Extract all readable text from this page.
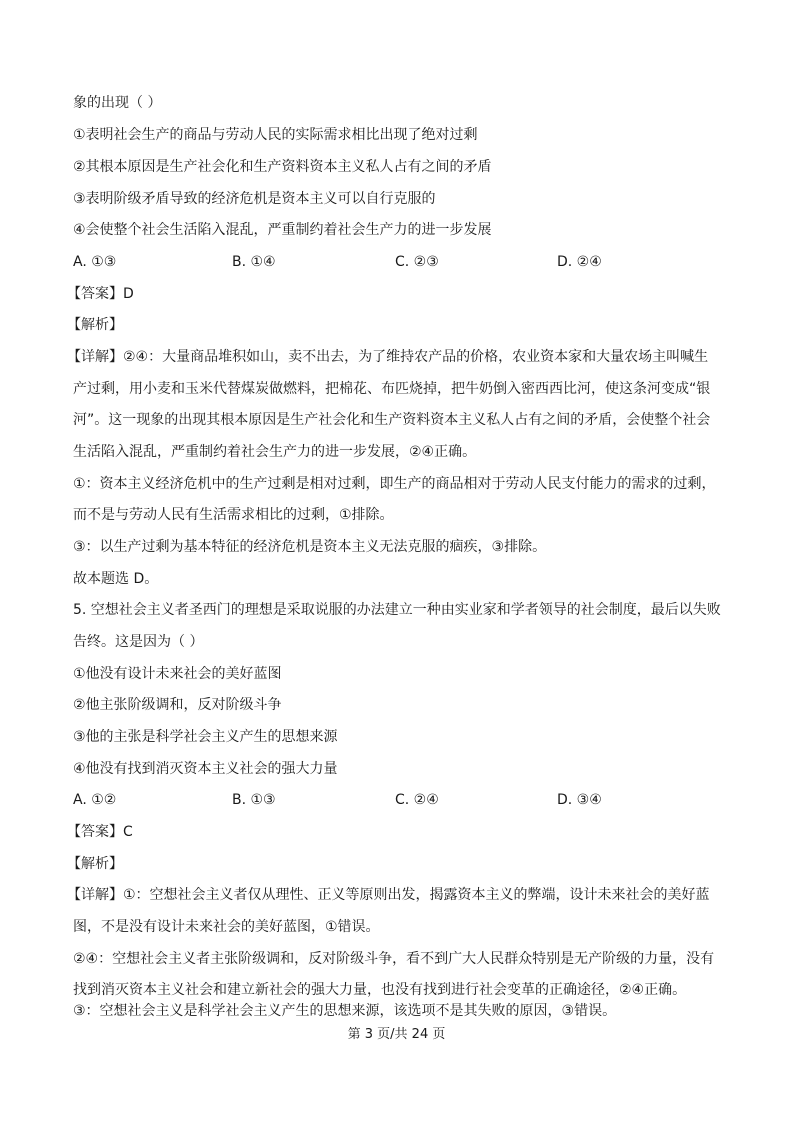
象的出现（ ）
①表明社会生产的商品与劳动人民的实际需求相比出现了绝对过剩
②其根本原因是生产社会化和生产资料资本主义私人占有之间的矛盾
③表明阶级矛盾导致的经济危机是资本主义可以自行克服的
④会使整个社会生活陷入混乱，严重制约着社会生产力的进一步发展
A. ①③	B. ①④	C. ②③	D. ②④
【答案】D
【解析】
【详解】②④：大量商品堆积如山，卖不出去，为了维持农产品的价格，农业资本家和大量农场主叫喊生
产过剩，用小麦和玉米代替煤炭做燃料，把棉花、布匹烧掉，把牛奶倒入密西西比河，使这条河变成“银
河”。这一现象的出现其根本原因是生产社会化和生产资料资本主义私人占有之间的矛盾，会使整个社会
生活陷入混乱，严重制约着社会生产力的进一步发展，②④正确。
①：资本主义经济危机中的生产过剩是相对过剩，即生产的商品相对于劳动人民支付能力的需求的过剩，
而不是与劳动人民有生活需求相比的过剩，①排除。
③：以生产过剩为基本特征的经济危机是资本主义无法克服的痼疾，③排除。
故本题选 D。
5. 空想社会主义者圣西门的理想是采取说服的办法建立一种由实业家和学者领导的社会制度，最后以失败
告终。这是因为（ ）
①他没有设计未来社会的美好蓝图
②他主张阶级调和，反对阶级斗争
③他的主张是科学社会主义产生的思想来源
④他没有找到消灭资本主义社会的强大力量
A. ①②	B. ①③	C. ②④	D. ③④
【答案】C
【解析】
【详解】①：空想社会主义者仅从理性、正义等原则出发，揭露资本主义的弊端，设计未来社会的美好蓝
图，不是没有设计未来社会的美好蓝图，①错误。
②④：空想社会主义者主张阶级调和，反对阶级斗争，看不到广大人民群众特别是无产阶级的力量，没有
找到消灭资本主义社会和建立新社会的强大力量，也没有找到进行社会变革的正确途径，②④正确。
③：空想社会主义是科学社会主义产生的思想来源，该选项不是其失败的原因，③错误。
第 3 页/共 24 页
